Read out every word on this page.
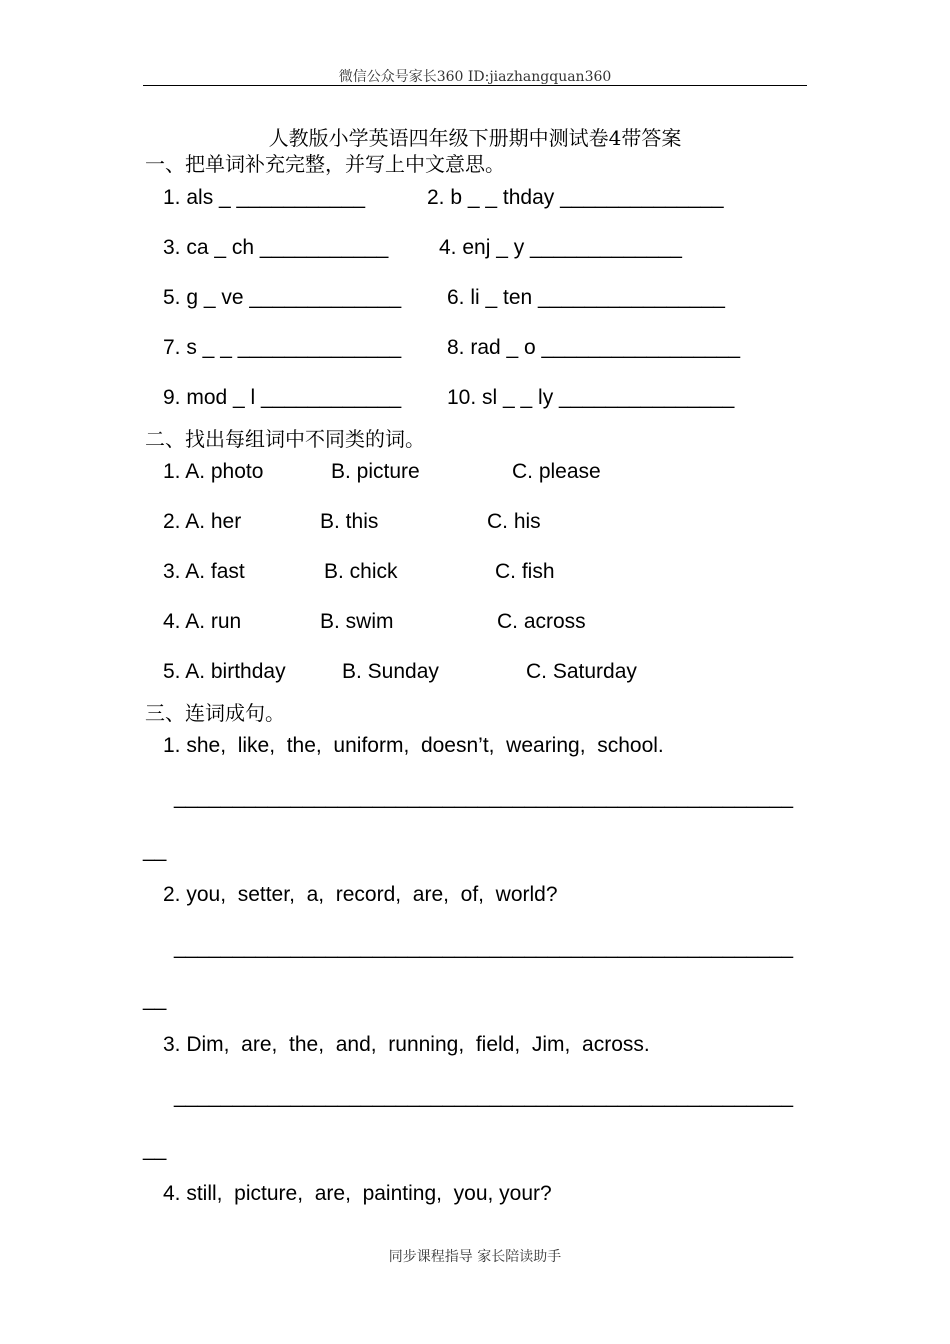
微信公众号家长360 ID:jiazhangquan360
人教版小学英语四年级下册期中测试卷4带答案
一、把单词补充完整，并写上中文意思。
1. als _ ___________	2. b _ _ thday ______________
3. ca _ ch ___________ 4. enj _ y _____________
5. g _ ve _____________ 6. li _ ten ________________
7. s _ _ ______________ 8. rad _ o _________________
9. mod _ l ____________ 10. sl _ _ ly _______________
二、找出每组词中不同类的词。
1. A. photo	B. picture	C. please
2. A. her	B. this	C. his
3. A. fast	B. chick	C. fish
4. A. run	B. swim	C. across
5. A. birthday	B. Sunday	C. Saturday
三、连词成句。
1. she,  like,  the,  uniform,  doesn’t,  wearing,  school.
_____________________________________________________
__
2. you,  setter,  a,  record,  are,  of,  world?
_____________________________________________________
__
3. Dim,  are,  the,  and,  running,  field,  Jim,  across.
_____________________________________________________
__
4. still,  picture,  are,  painting,  you, your?
同步课程指导 家长陪读助手
